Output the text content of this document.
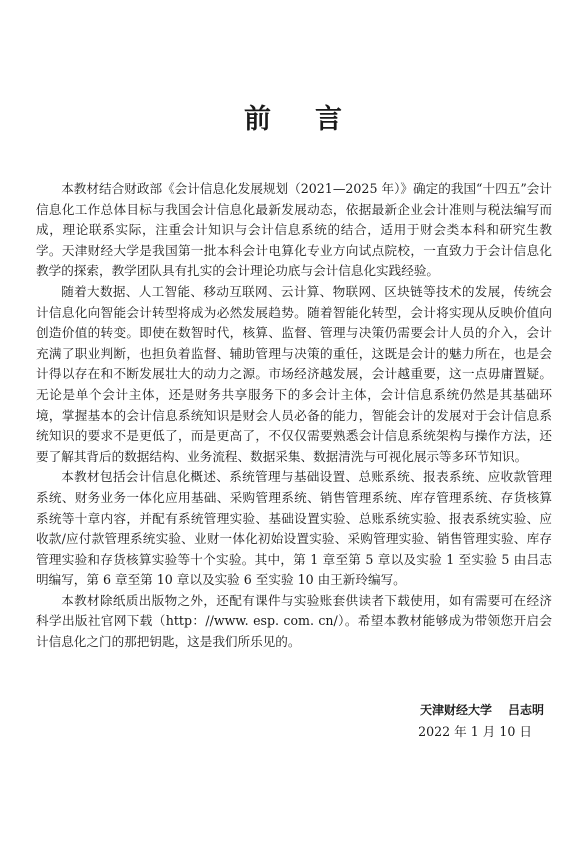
前言

本教材结合财政部《会计信息化发展规划（2021—2025 年）》确定的我国“十四五”会计信息化工作总体目标与我国会计信息化最新发展动态，依据最新企业会计准则与税法编写而成，理论联系实际，注重会计知识与会计信息系统的结合，适用于财会类本科和研究生教学。天津财经大学是我国第一批本科会计电算化专业方向试点院校，一直致力于会计信息化教学的探索，教学团队具有扎实的会计理论功底与会计信息化实践经验。

随着大数据、人工智能、移动互联网、云计算、物联网、区块链等技术的发展，传统会计信息化向智能会计转型将成为必然发展趋势。随着智能化转型，会计将实现从反映价值向创造价值的转变。即使在数智时代，核算、监督、管理与决策仍需要会计人员的介入，会计充满了职业判断，也担负着监督、辅助管理与决策的重任，这既是会计的魅力所在，也是会计得以存在和不断发展壮大的动力之源。市场经济越发展，会计越重要，这一点毋庸置疑。无论是单个会计主体，还是财务共享服务下的多会计主体，会计信息系统仍然是其基础环境，掌握基本的会计信息系统知识是财会人员必备的能力，智能会计的发展对于会计信息系统知识的要求不是更低了，而是更高了，不仅仅需要熟悉会计信息系统架构与操作方法，还要了解其背后的数据结构、业务流程、数据采集、数据清洗与可视化展示等多环节知识。

本教材包括会计信息化概述、系统管理与基础设置、总账系统、报表系统、应收款管理系统、财务业务一体化应用基础、采购管理系统、销售管理系统、库存管理系统、存货核算系统等十章内容，并配有系统管理实验、基础设置实验、总账系统实验、报表系统实验、应收款/应付款管理系统实验、业财一体化初始设置实验、采购管理实验、销售管理实验、库存管理实验和存货核算实验等十个实验。其中，第 1 章至第 5 章以及实验 1 至实验 5 由吕志明编写，第 6 章至第 10 章以及实验 6 至实验 10 由王新玲编写。

本教材除纸质出版物之外，还配有课件与实验账套供读者下载使用，如有需要可在经济科学出版社官网下载（http：//www. esp. com. cn/）。希望本教材能够成为带领您开启会计信息化之门的那把钥匙，这是我们所乐见的。

天津财经大学 吕志明
2022 年 1 月 10 日
